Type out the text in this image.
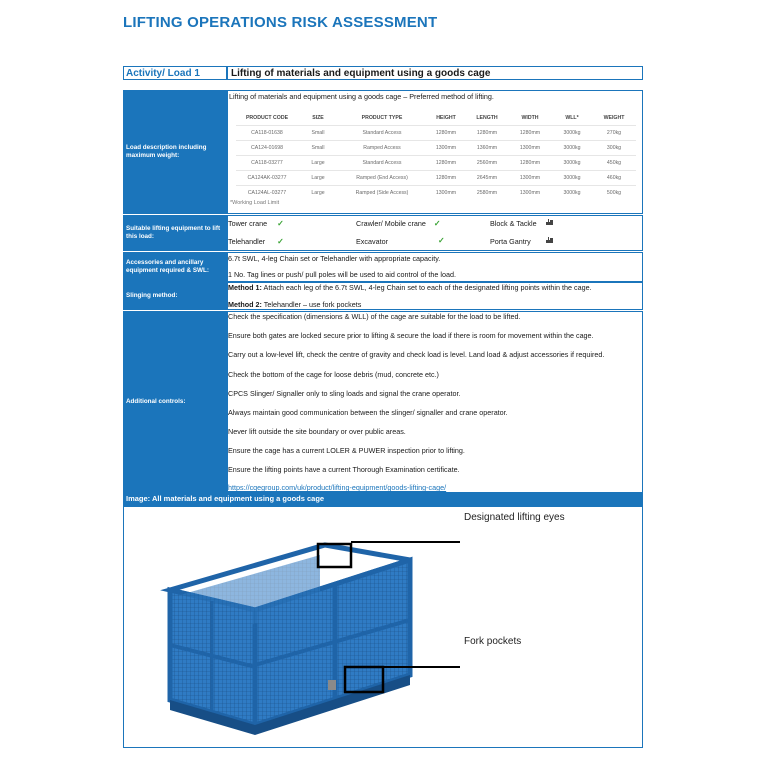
LIFTING OPERATIONS RISK ASSESSMENT
Activity/ Load 1	Lifting of materials and equipment using a goods cage
Load description including maximum weight:
Lifting of materials and equipment using a goods cage – Preferred method of lifting.
PRODUCT CODE	SIZE	PRODUCT TYPE	HEIGHT	LENGTH	WIDTH	WLL*	WEIGHT
CA118-01638	Small	Standard Access	1280mm	1280mm	1280mm	3000kg	270kg
CA124-01698	Small	Ramped Access	1300mm	1360mm	1300mm	3000kg	300kg
CA118-03277	Large	Standard Access	1280mm	2560mm	1280mm	3000kg	450kg
CA124AK-03277	Large	Ramped (End Access)	1280mm	2645mm	1300mm	3000kg	460kg
CA124AL-03277	Large	Ramped (Side Access)	1300mm	2580mm	1300mm	3000kg	500kg
*Working Load Limit
Suitable lifting equipment to lift this load:
Tower crane ✓	Crawler/ Mobile crane ✓	Block & Tackle
Telehandler ✓	Excavator	✓	Porta Gantry
Accessories and ancillary equipment required & SWL:
6.7t SWL, 4-leg Chain set or Telehandler with appropriate capacity.
1 No. Tag lines or push/ pull poles will be used to aid control of the load.
Slinging method:
Method 1: Attach each leg of the 6.7t SWL, 4-leg Chain set to each of the designated lifting points within the cage.
Method 2: Telehandler – use fork pockets
Additional controls:
Check the specification (dimensions & WLL) of the cage are suitable for the load to be lifted.
Ensure both gates are locked secure prior to lifting & secure the load if there is room for movement within the cage.
Carry out a low-level lift, check the centre of gravity and check load is level. Land load & adjust accessories if required.
Check the bottom of the cage for loose debris (mud, concrete etc.)
CPCS Slinger/ Signaller only to sling loads and signal the crane operator.
Always maintain good communication between the slinger/ signaller and crane operator.
Never lift outside the site boundary or over public areas.
Ensure the cage has a current LOLER & PUWER inspection prior to lifting.
Ensure the lifting points have a current Thorough Examination certificate.
https://cqegroup.com/uk/product/lifting-equipment/goods-lifting-cage/
Image: All materials and equipment using a goods cage
Designated lifting eyes
Fork pockets
